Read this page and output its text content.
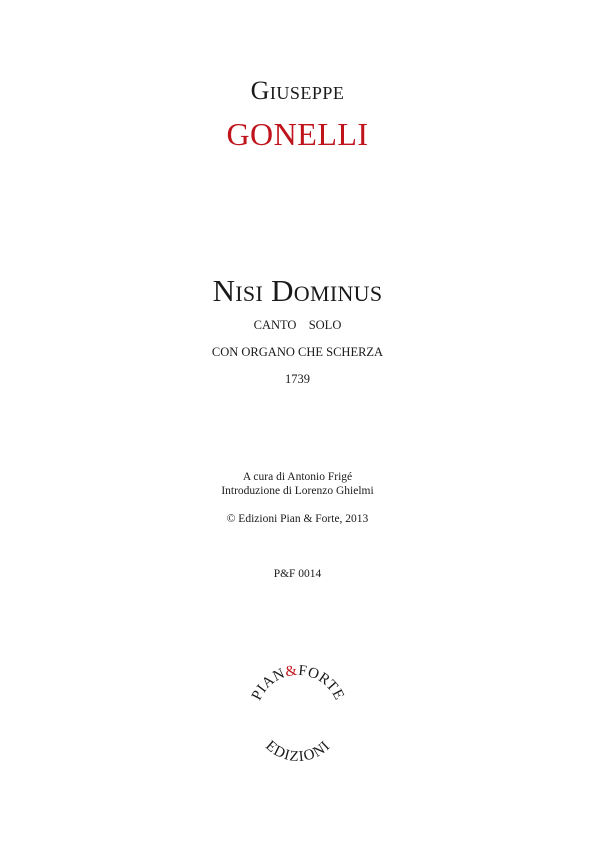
Giuseppe
GONELLI
Nisi Dominus
CANTO  SOLO
CON ORGANO CHE SCHERZA
1739
A cura di Antonio Frigé
Introduzione di Lorenzo Ghielmi
© Edizioni Pian & Forte, 2013
P&F 0014
PIAN&FORTE
EDIZIONI
